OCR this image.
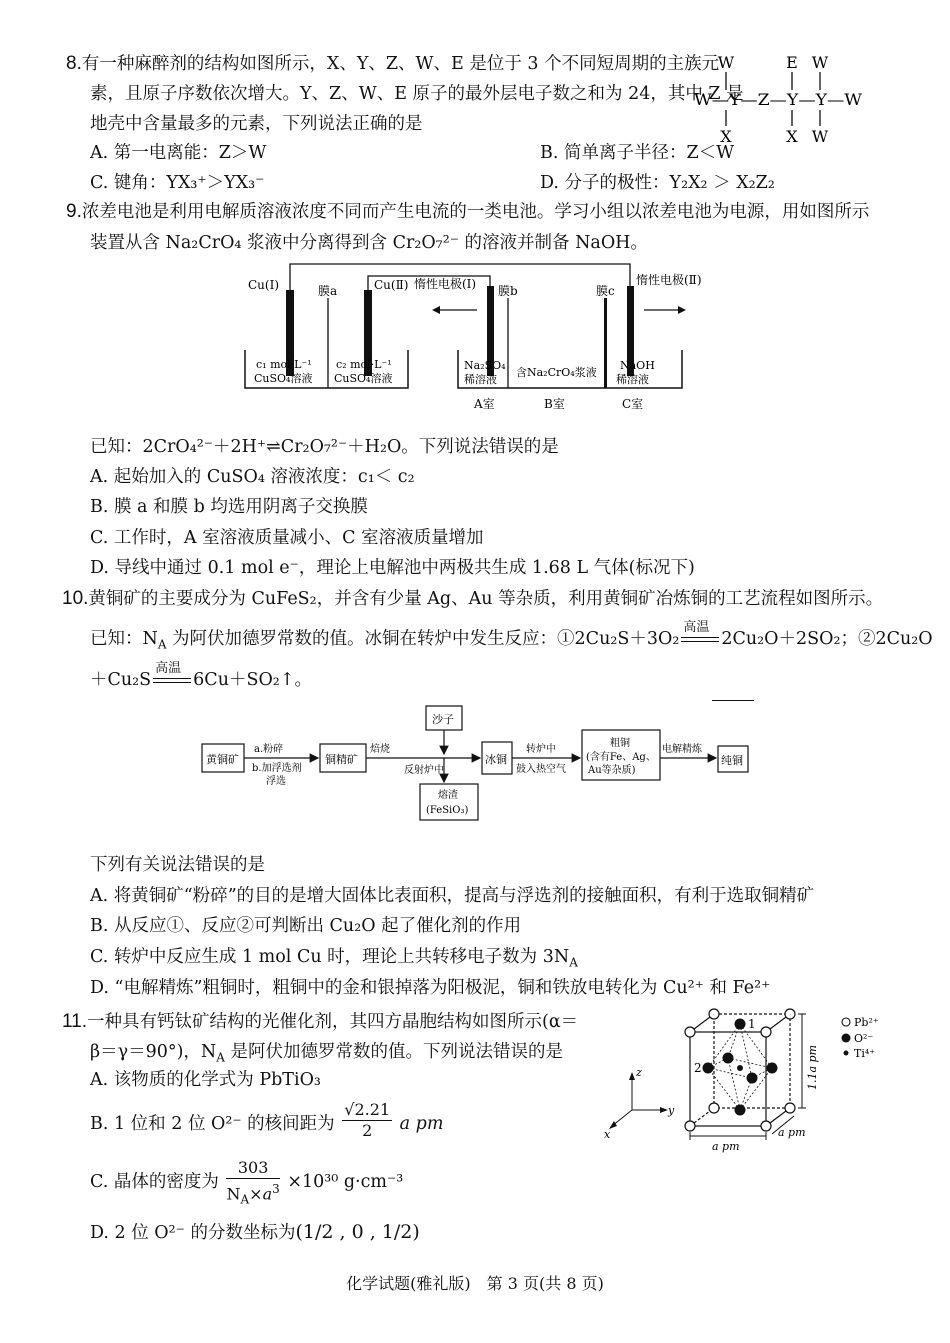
8.有一种麻醉剂的结构如图所示，X、Y、Z、W、E 是位于 3 个不同短周期的主族元
素，且原子序数依次增大。Y、Z、W、E 原子的最外层电子数之和为 24，其中 Z 是
地壳中含量最多的元素，下列说法正确的是
A. 第一电离能：Z＞W	B. 简单离子半径：Z＜W
C. 键角：YX₃⁺＞YX₃⁻	D. 分子的极性：Y₂X₂ ＞ X₂Z₂
W	E W
W—Y—Z—Y—Y—W
X	X W
9.浓差电池是利用电解质溶液浓度不同而产生电流的一类电池。学习小组以浓差电池为电源，用如图所示
装置从含 Na₂CrO₄ 浆液中分离得到含 Cr₂O₇²⁻ 的溶液并制备 NaOH。
Cu(Ⅰ)	膜a	Cu(Ⅱ) 惰性电极(Ⅰ) 膜b	膜c
惰性电极(Ⅱ)
c₁ mol·L⁻¹
CuSO₄溶液
c₂ mol·L⁻¹
CuSO₄溶液
Na₂SO₄
稀溶液
含Na₂CrO₄浆液
NaOH
稀溶液
A室	B室	C室
已知：2CrO₄²⁻＋2H⁺⇌Cr₂O₇²⁻＋H₂O。下列说法错误的是
A. 起始加入的 CuSO₄ 溶液浓度：c₁＜ c₂
B. 膜 a 和膜 b 均选用阴离子交换膜
C. 工作时，A 室溶液质量减小、C 室溶液质量增加
D. 导线中通过 0.1 mol e⁻，理论上电解池中两极共生成 1.68 L 气体(标况下)
10.黄铜矿的主要成分为 CuFeS₂，并含有少量 Ag、Au 等杂质，利用黄铜矿冶炼铜的工艺流程如图所示。
已知：$N_A$ 为阿伏加德罗常数的值。冰铜在转炉中发生反应：①2Cu₂S＋3O₂
高温
2Cu₂O＋2SO₂；②2Cu₂O
＋Cu₂S
高温
6Cu＋SO₂↑。
黄铜矿
a.粉碎
b.加浮选剂
浮选
铜精矿
焙烧
反射炉中
沙子
熔渣
(FeSiO₃)
冰铜
转炉中
鼓入热空气
粗铜
(含有Fe、Ag、
Au等杂质)
电解精炼
纯铜
下列有关说法错误的是
A. 将黄铜矿“粉碎”的目的是增大固体比表面积，提高与浮选剂的接触面积，有利于选取铜精矿
B. 从反应①、反应②可判断出 Cu₂O 起了催化剂的作用
C. 转炉中反应生成 1 mol Cu 时，理论上共转移电子数为 $3N_A$
D. “电解精炼”粗铜时，粗铜中的金和银掉落为阳极泥，铜和铁放电转化为 Cu²⁺ 和 Fe²⁺
11.一种具有钙钛矿结构的光催化剂，其四方晶胞结构如图所示(α＝
β＝γ＝90°)，$N_A$ 是阿伏加德罗常数的值。下列说法错误的是
A. 该物质的化学式为 PbTiO₃
B. 1 位和 2 位 O²⁻ 的核间距为 $\frac{√2.21}{2}$ a pm
C. 晶体的密度为 $\frac{303}{N_A\times a^3} \times 10^{30}$ g·cm⁻³
D. 2 位 O²⁻ 的分数坐标为(1/2 , 0 , 1/2)
z
y
x
1
2	1.1a pm
a pm
a pm
Pb²⁺
O²⁻
Ti⁴⁺
化学试题(雅礼版)　第 3 页(共 8 页)
